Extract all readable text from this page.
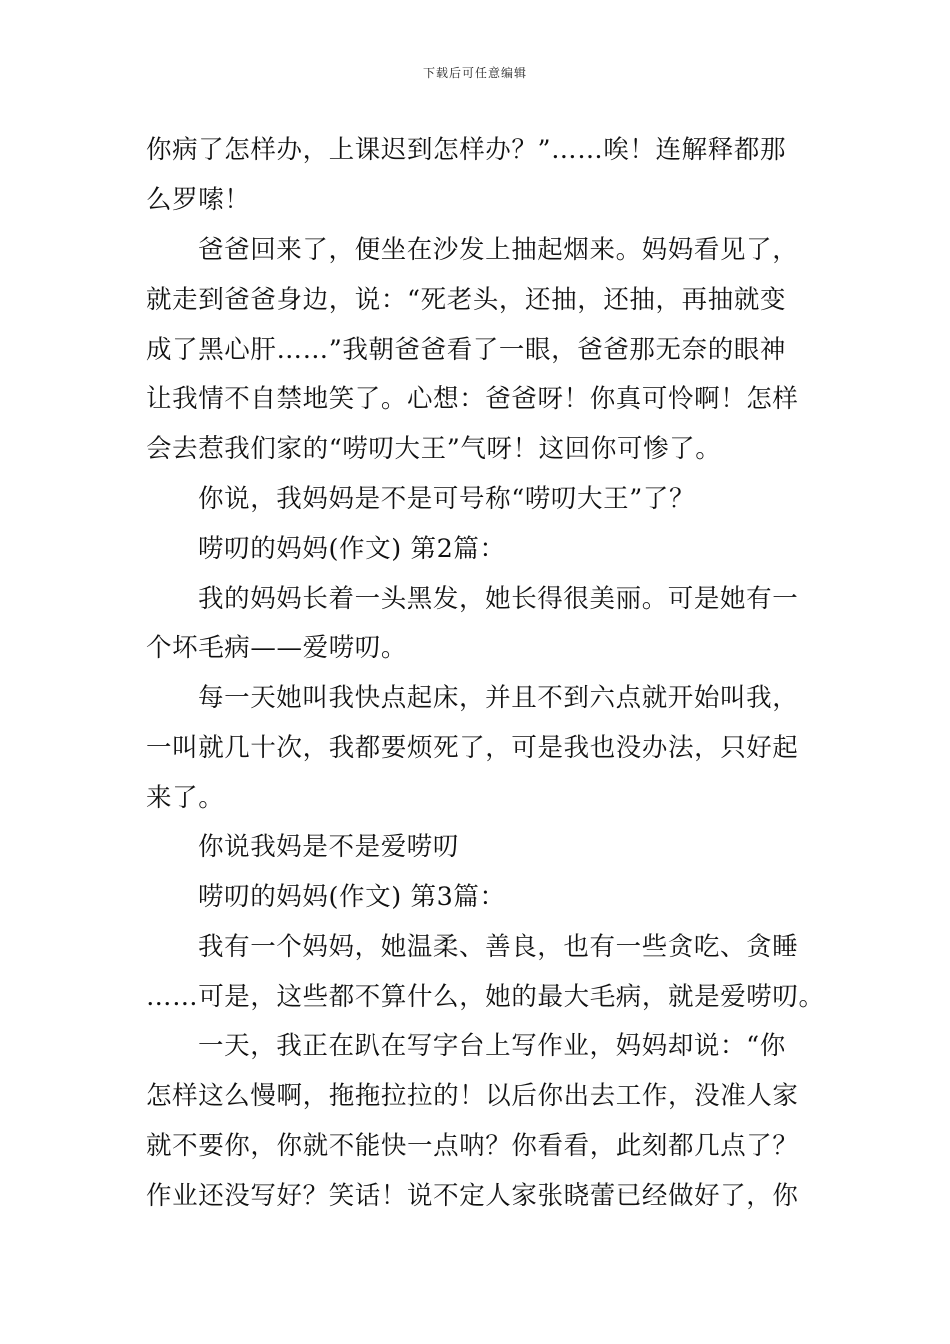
下载后可任意编辑
你病了怎样办，上课迟到怎样办？”……唉！连解释都那
么罗嗦！
爸爸回来了，便坐在沙发上抽起烟来。妈妈看见了，
就走到爸爸身边，说：“死老头，还抽，还抽，再抽就变
成了黑心肝……”我朝爸爸看了一眼，爸爸那无奈的眼神
让我情不自禁地笑了。心想：爸爸呀！你真可怜啊！怎样
会去惹我们家的“唠叨大王”气呀！这回你可惨了。
你说，我妈妈是不是可号称“唠叨大王”了？
唠叨的妈妈(作文) 第2篇：
我的妈妈长着一头黑发，她长得很美丽。可是她有一
个坏毛病——爱唠叨。
每一天她叫我快点起床，并且不到六点就开始叫我，
一叫就几十次，我都要烦死了，可是我也没办法，只好起
来了。
你说我妈是不是爱唠叨
唠叨的妈妈(作文) 第3篇：
我有一个妈妈，她温柔、善良，也有一些贪吃、贪睡
……可是，这些都不算什么，她的最大毛病，就是爱唠叨。
一天，我正在趴在写字台上写作业，妈妈却说：“你
怎样这么慢啊，拖拖拉拉的！以后你出去工作，没准人家
就不要你，你就不能快一点呐？你看看，此刻都几点了？
作业还没写好？笑话！说不定人家张晓蕾已经做好了，你
